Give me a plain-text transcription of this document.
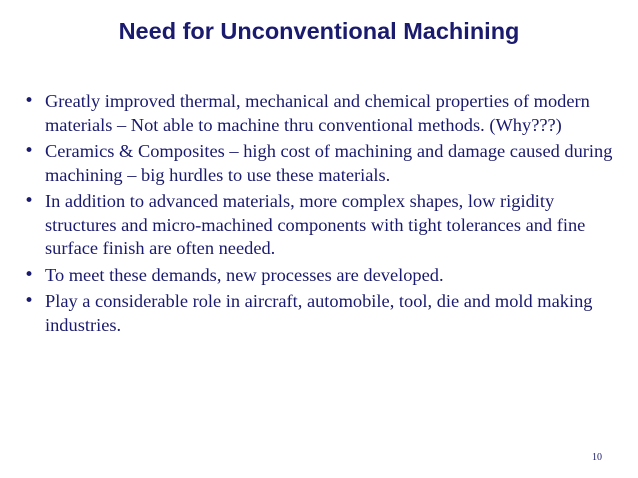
Need for Unconventional Machining
• Greatly improved thermal, mechanical and chemical properties of modern materials – Not able to machine thru conventional methods. (Why???)
• Ceramics & Composites – high cost of machining and damage caused during machining – big hurdles to use these materials.
• In addition to advanced materials, more complex shapes, low rigidity structures and micro-machined components with tight tolerances and fine surface finish are often needed.
• To meet these demands, new processes are developed.
• Play a considerable role in aircraft, automobile, tool, die and mold making industries.
10
